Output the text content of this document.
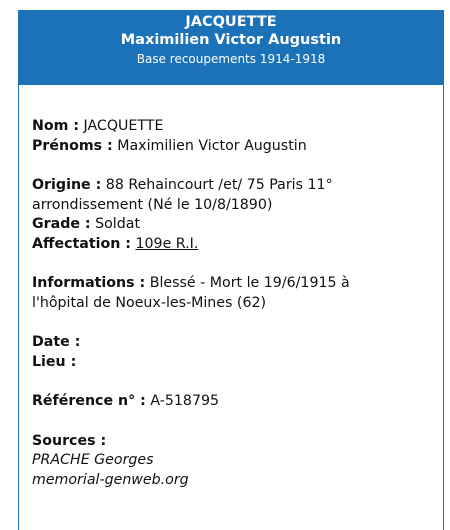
JACQUETTE
Maximilien Victor Augustin
Base recoupements 1914-1918
Nom : JACQUETTE
Prénoms : Maximilien Victor Augustin
Origine : 88 Rehaincourt /et/ 75 Paris 11°
arrondissement (Né le 10/8/1890)
Grade : Soldat
Affectation : 109e R.I.
Informations : Blessé - Mort le 19/6/1915 à
l'hôpital de Noeux-les-Mines (62)
Date :
Lieu :
Référence n° : A-518795
Sources :
PRACHE Georges
memorial-genweb.org
